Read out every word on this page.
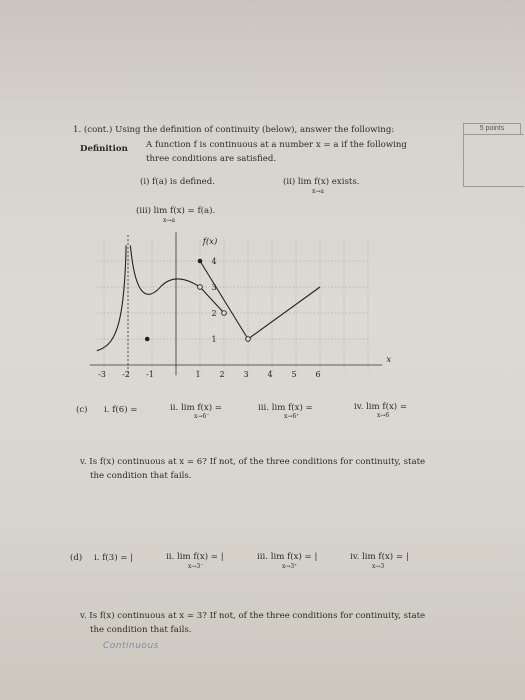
5 points
1. (cont.) Using the definition of continuity (below), answer the following:
Definition A function f is continuous at a number x = a if the following
three conditions are satisfied.
(i) f(a) is defined.	(ii) lim f(x) exists.
x→a
(iii) lim f(x) = f(a).
x→a
-3 -2 -1	1 2 3 4 5 6
1
2
3
4
f(x)
x
(c) i. f(6) =	ii. lim f(x) =
x→6⁻
iii. lim f(x) =
x→6⁺
iv. lim f(x) =
x→6
v. Is f(x) continuous at x = 6? If not, of the three conditions for continuity, state
the condition that fails.
(d) i. f(3) = |	ii. lim f(x) = |
x→3⁻
iii. lim f(x) = |
x→3⁺
iv. lim f(x) = |
x→3
v. Is f(x) continuous at x = 3? If not, of the three conditions for continuity, state
the condition that fails.
Continuous
